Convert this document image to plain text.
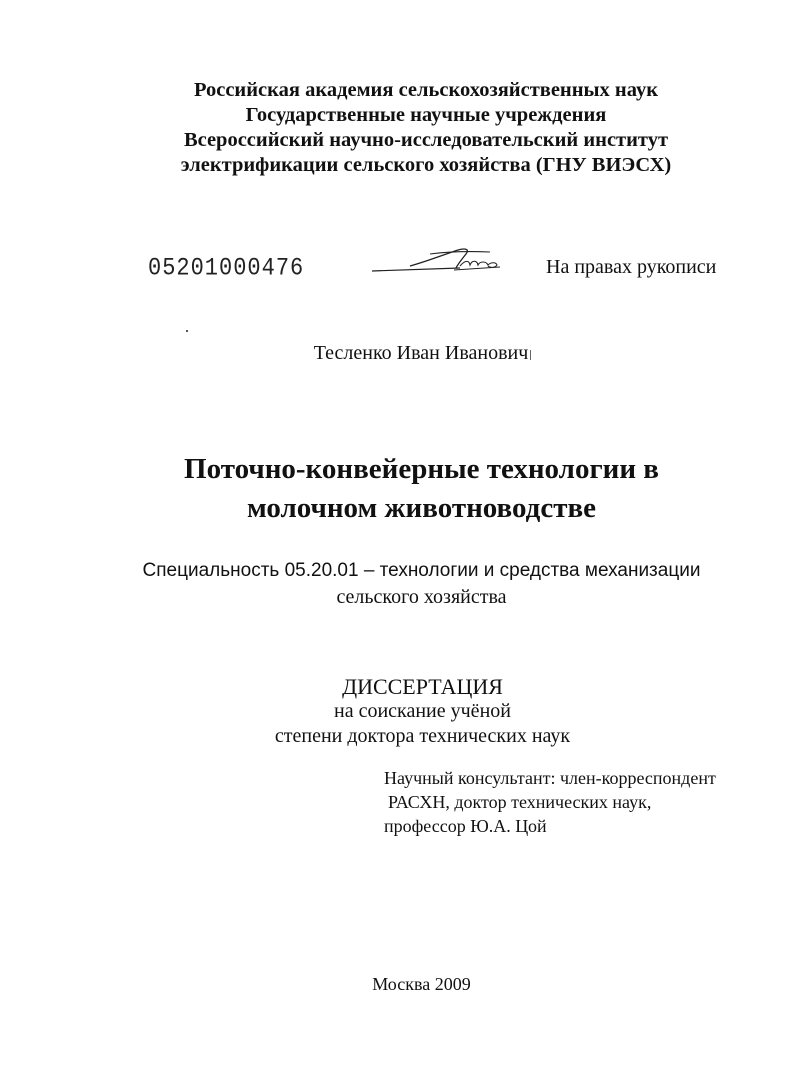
Российская академия сельскохозяйственных наук
Государственные научные учреждения
Всероссийский научно-исследовательский институт
электрификации сельского хозяйства (ГНУ ВИЭСХ)
05201000476	На правах рукописи
Тесленко Иван Иванович
Поточно-конвейерные технологии в
молочном животноводстве
Специальность 05.20.01 – технологии и средства механизации
сельского хозяйства
ДИССЕРТАЦИЯ
на соискание учёной
степени доктора технических наук
Научный консультант: член-корреспондент
РАСХН, доктор технических наук,
профессор Ю.А. Цой
Москва 2009
